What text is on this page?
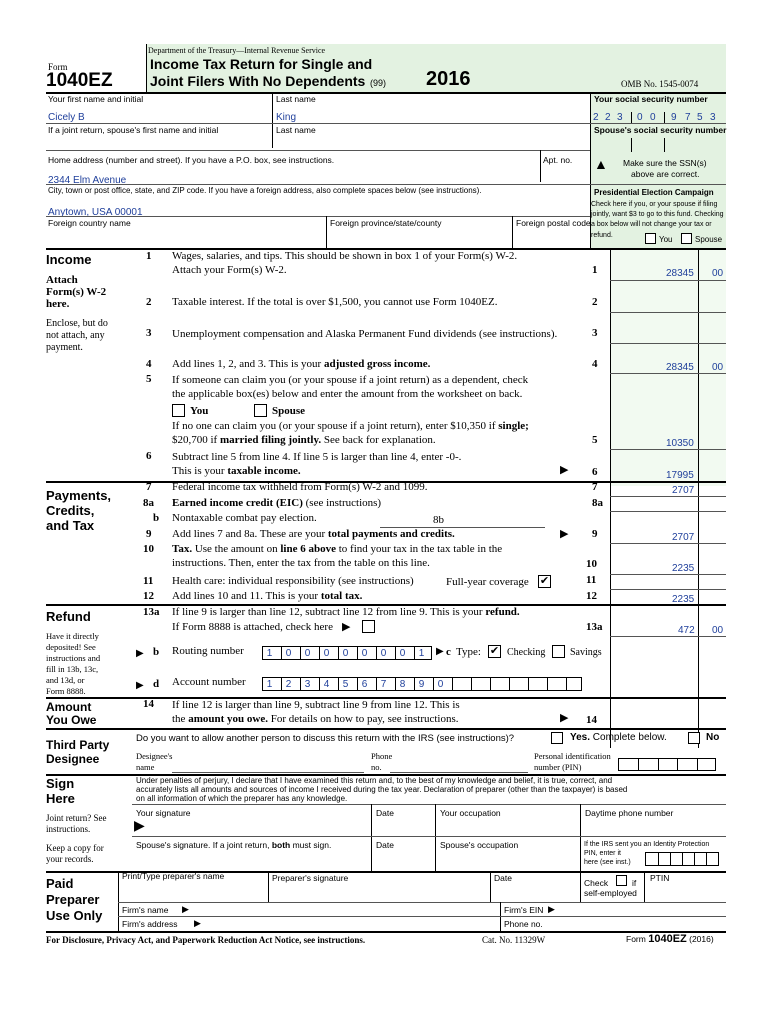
Department of the Treasury—Internal Revenue Service
Form
1040EZ
Income Tax Return for Single and
Joint Filers With No Dependents (99) 2016	OMB No. 1545-0074
Your first name and initial	Last name	Your social security number
Cicely B	King	2 2 3 0 0 9 7 5 3
If a joint return, spouse's first name and initial	Last name	Spouse's social security number
Home address (number and street). If you have a P.O. box, see instructions.	Apt. no.
2344 Elm Avenue
▲ Make sure the SSN(s)
above are correct.
City, town or post office, state, and ZIP code. If you have a foreign address, also complete spaces below (see instructions).
Anytown, USA 00001
Foreign country name	Foreign province/state/county	Foreign postal code
Presidential Election Campaign
Check here if you, or your spouse if filing
jointly, want $3 to go to this fund. Checking
a box below will not change your tax or
refund.	You	Spouse
Income
Attach
Form(s) W-2
here.
Enclose, but do
not attach, any
payment.
1 Wages, salaries, and tips. This should be shown in box 1 of your Form(s) W-2.
Attach your Form(s) W-2.	1	28345 00
2 Taxable interest. If the total is over $1,500, you cannot use Form 1040EZ.	2
3 Unemployment compensation and Alaska Permanent Fund dividends (see instructions).	3
4 Add lines 1, 2, and 3. This is your adjusted gross income.	4	28345 00
5 If someone can claim you (or your spouse if a joint return) as a dependent, check
the applicable box(es) below and enter the amount from the worksheet on back.
You	Spouse
If no one can claim you (or your spouse if a joint return), enter $10,350 if single;
$20,700 if married filing jointly. See back for explanation.	5	10350
6 Subtract line 5 from line 4. If line 5 is larger than line 4, enter -0-.
This is your taxable income.	▶ 6	17995
Payments,
Credits,
and Tax
7 Federal income tax withheld from Form(s) W-2 and 1099.	7	2707
8a Earned income credit (EIC) (see instructions)	8a
b Nontaxable combat pay election.	8b
9 Add lines 7 and 8a. These are your total payments and credits.	▶ 9	2707
10 Tax. Use the amount on line 6 above to find your tax in the tax table in the
instructions. Then, enter the tax from the table on this line.	10	2235
11 Health care: individual responsibility (see instructions)	Full-year coverage ✔	11
12 Add lines 10 and 11. This is your total tax.	12	2235
Refund
Have it directly
deposited! See
instructions and
fill in 13b, 13c,
and 13d, or
Form 8888.
13a If line 9 is larger than line 12, subtract line 12 from line 9. This is your refund.
If Form 8888 is attached, check here ▶	13a	472 00
▶ b Routing number	1	0	0	0	0	0	0	0	1	▶ c Type: ✔ Checking Savings
▶ d Account number	1	2	3	4	5	6	7	8	9	0
Amount
You Owe
14 If line 12 is larger than line 9, subtract line 9 from line 12. This is
the amount you owe. For details on how to pay, see instructions.	▶ 14
Third Party
Designee
Do you want to allow another person to discuss this return with the IRS (see instructions)?	Yes. Complete below.	No
Designee's
name
Phone
no.
Personal identification
number (PIN)
Sign
Here
Joint return? See
instructions.
Keep a copy for
your records.
Under penalties of perjury, I declare that I have examined this return and, to the best of my knowledge and belief, it is true, correct, and
accurately lists all amounts and sources of income I received during the tax year. Declaration of preparer (other than the taxpayer) is based
on all information of which the preparer has any knowledge.
Your signature	Date	Your occupation	Daytime phone number
▶
Spouse's signature. If a joint return, both must sign.	Date	Spouse's occupation	If the IRS sent you an Identity Protection
PIN, enter it
here (see inst.)
Paid
Preparer
Use Only
Print/Type preparer's name	Preparer's signature	Date	Check	if
self-employed
PTIN
Firm's name ▶	Firm's EIN ▶
Firm's address ▶	Phone no.
For Disclosure, Privacy Act, and Paperwork Reduction Act Notice, see instructions.	Cat. No. 11329W	Form 1040EZ (2016)
